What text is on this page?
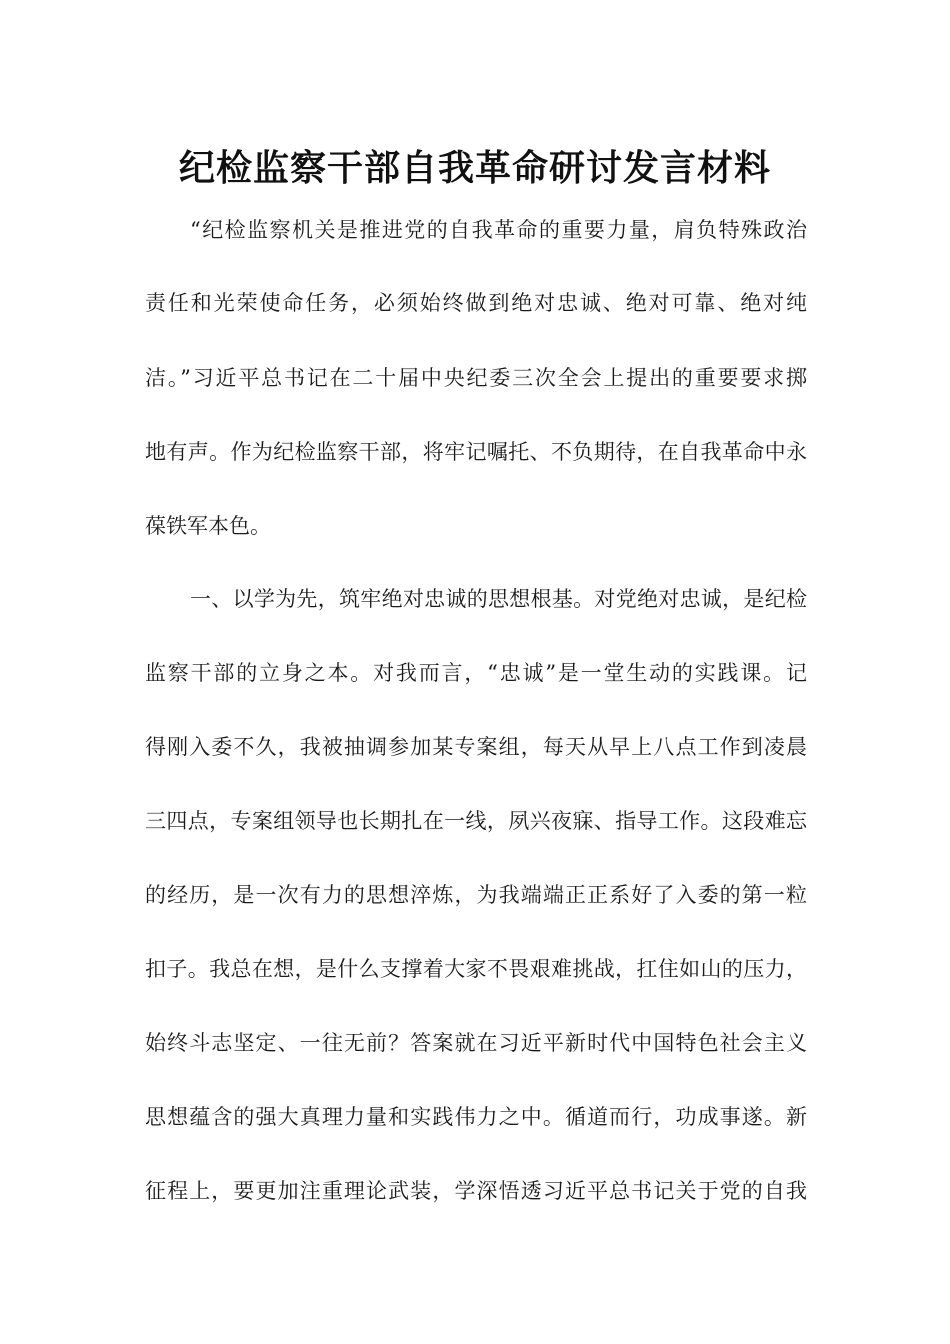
纪检监察干部自我革命研讨发言材料
“纪检监察机关是推进党的自我革命的重要力量，肩负特殊政治
责任和光荣使命任务，必须始终做到绝对忠诚、绝对可靠、绝对纯
洁。”习近平总书记在二十届中央纪委三次全会上提出的重要要求掷
地有声。作为纪检监察干部，将牢记嘱托、不负期待，在自我革命中永
葆铁军本色。
一、以学为先，筑牢绝对忠诚的思想根基。对党绝对忠诚，是纪检
监察干部的立身之本。对我而言，“忠诚”是一堂生动的实践课。记
得刚入委不久，我被抽调参加某专案组，每天从早上八点工作到凌晨
三四点，专案组领导也长期扎在一线，夙兴夜寐、指导工作。这段难忘
的经历，是一次有力的思想淬炼，为我端端正正系好了入委的第一粒
扣子。我总在想，是什么支撑着大家不畏艰难挑战，扛住如山的压力，
始终斗志坚定、一往无前？答案就在习近平新时代中国特色社会主义
思想蕴含的强大真理力量和实践伟力之中。循道而行，功成事遂。新
征程上，要更加注重理论武装，学深悟透习近平总书记关于党的自我
